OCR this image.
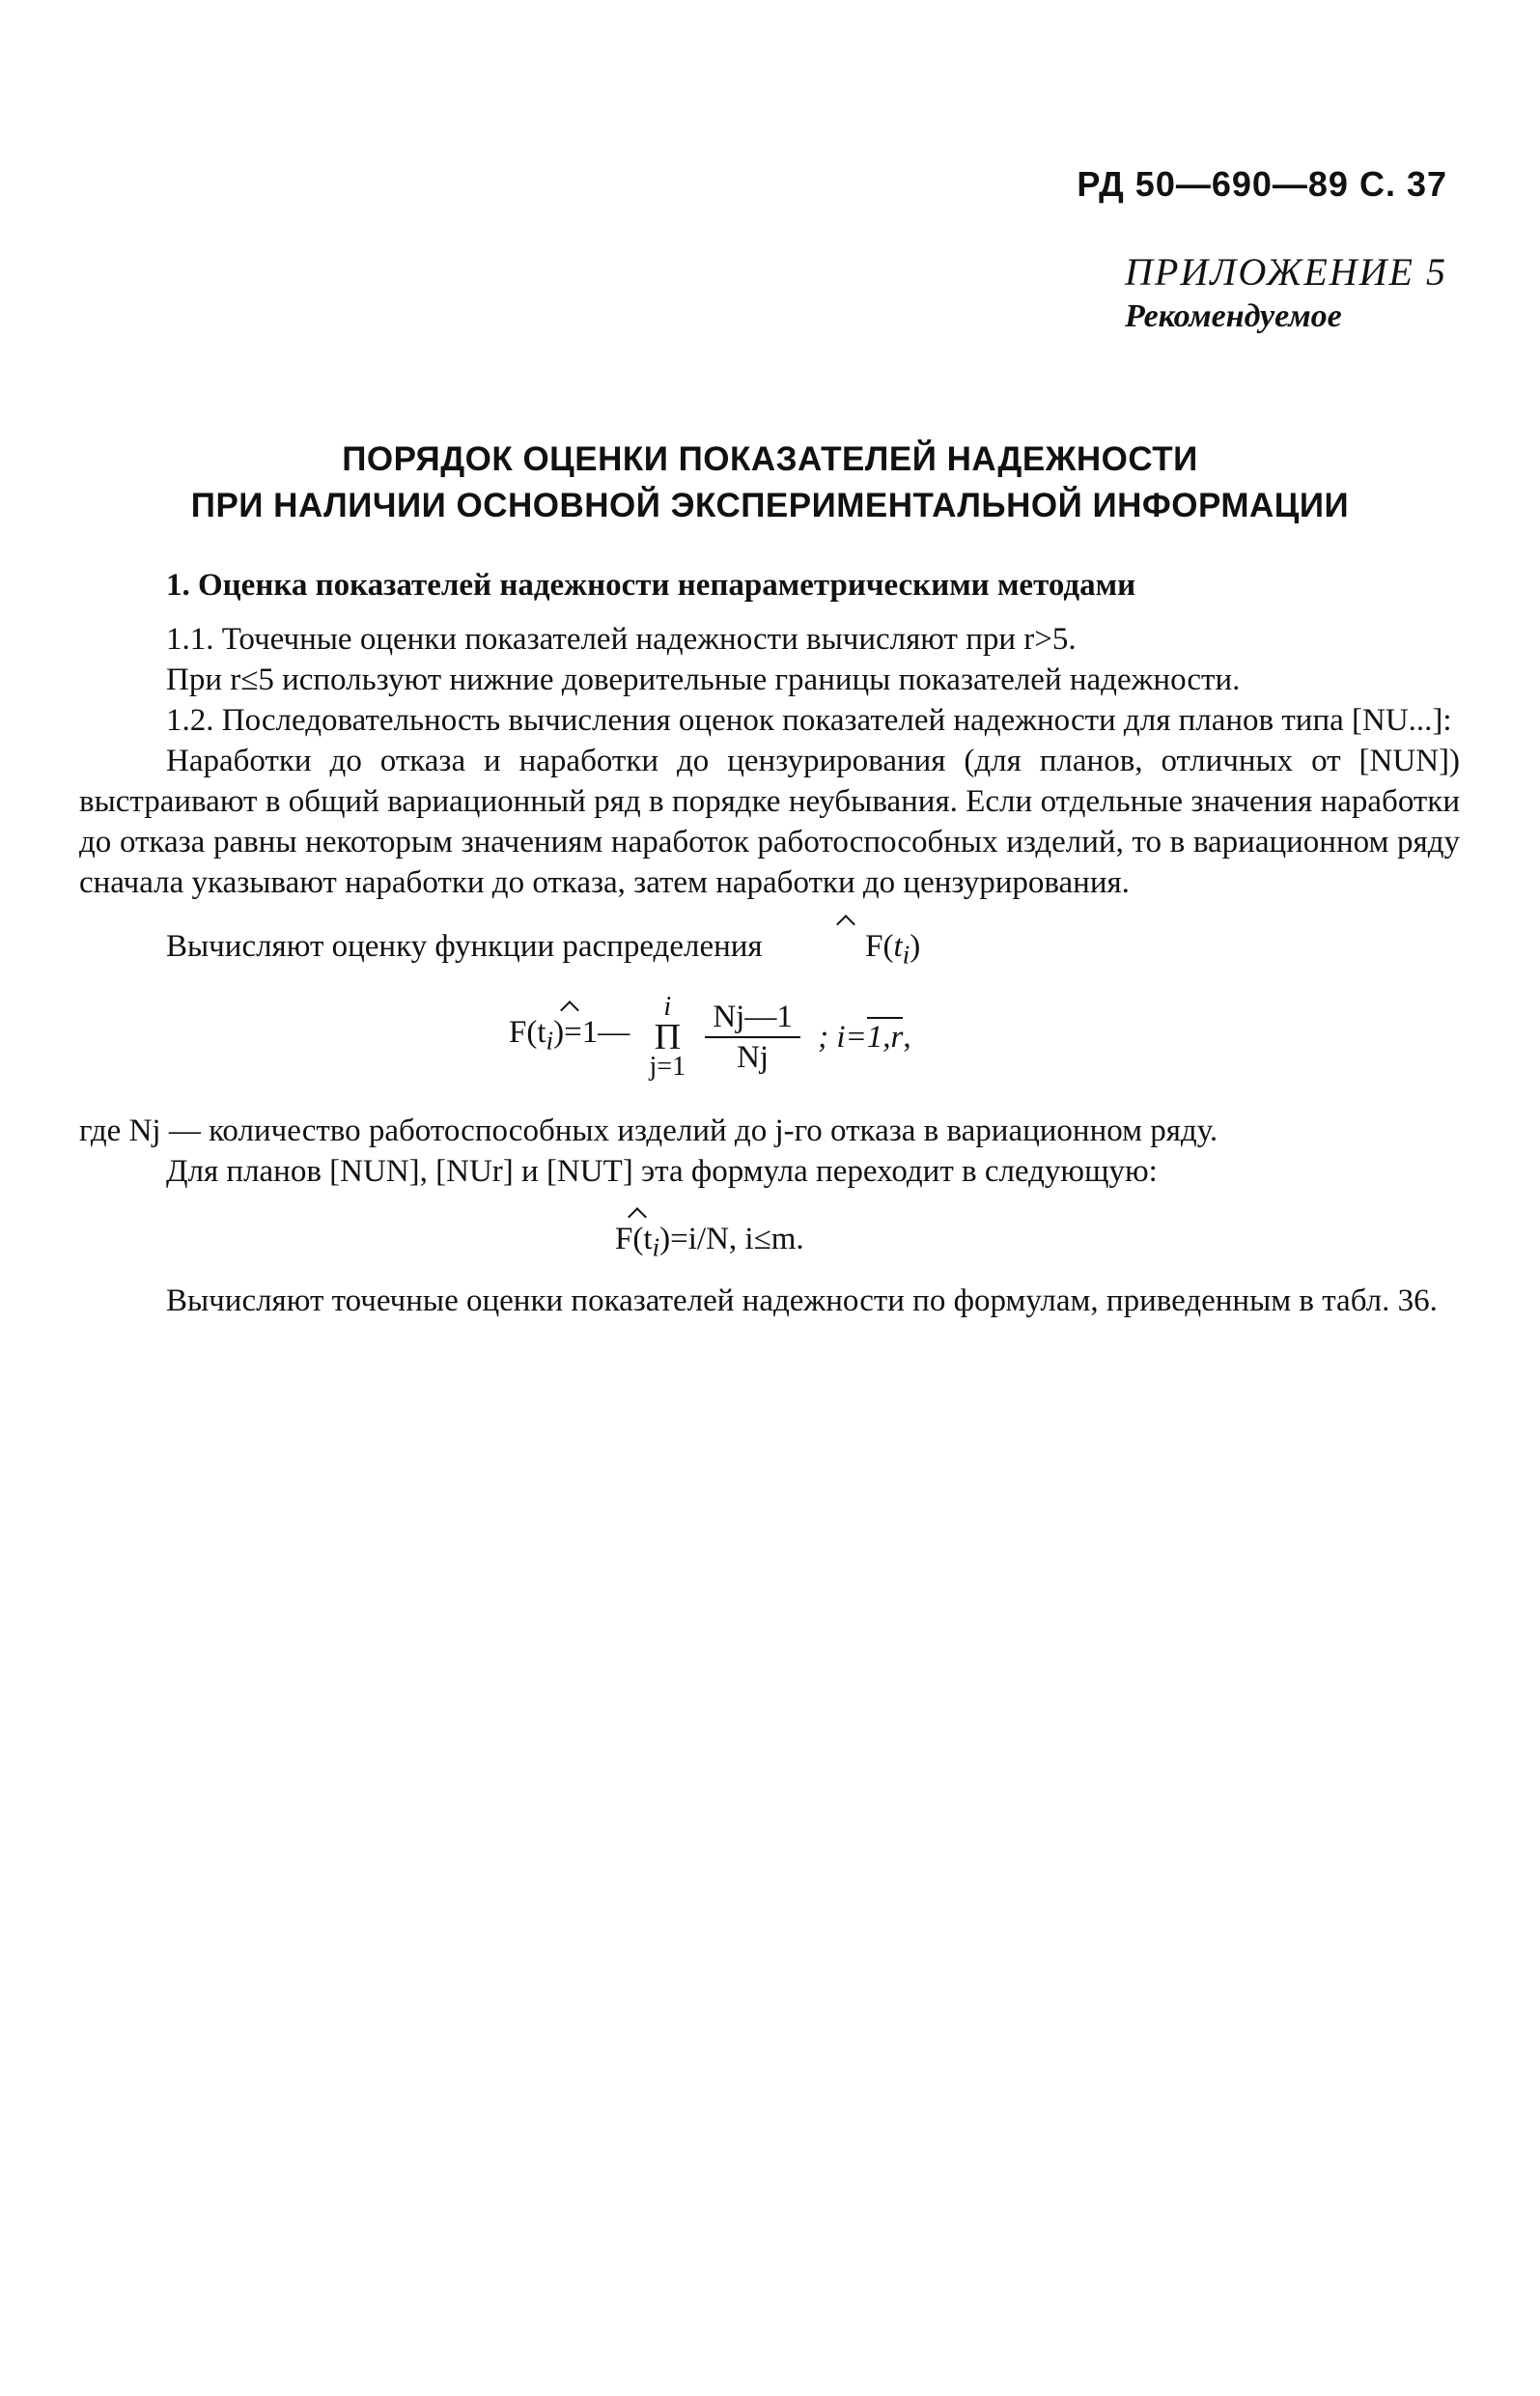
РД 50—690—89 С. 37
ПРИЛОЖЕНИЕ 5
Рекомендуемое
ПОРЯДОК ОЦЕНКИ ПОКАЗАТЕЛЕЙ НАДЕЖНОСТИ
ПРИ НАЛИЧИИ ОСНОВНОЙ ЭКСПЕРИМЕНТАЛЬНОЙ ИНФОРМАЦИИ

1. Оценка показателей надежности непараметрическими методами

1.1. Точечные оценки показателей надежности вычисляют при r>5.

При r≤5 используют нижние доверительные границы показателей надежности.

1.2. Последовательность вычисления оценок показателей надежности для планов типа [NU...]:

Наработки до отказа и наработки до цензурирования (для планов, отличных от [NUN]) выстраивают в общий вариационный ряд в порядке неубывания. Если отдельные значения наработки до отказа равны некоторым значениям наработок работоспособных изделий, то в вариационном ряду сначала указывают наработки до отказа, затем наработки до цензурирования.

Вычисляют оценку функции распределения	$F(t_i)$

$F(t_i)=1—$ i
Π
$j=1 \frac{Nj—1}{Nj}$ ; i=1,r,

где Nj — количество работоспособных изделий до j-го отказа в вариационном ряду.

Для планов [NUN], [NUr] и [NUT] эта формула переходит в следующую:

$F(t_i)=i/N$, i≤m.

Вычисляют точечные оценки показателей надежности по формулам, приведенным в табл. 36.
